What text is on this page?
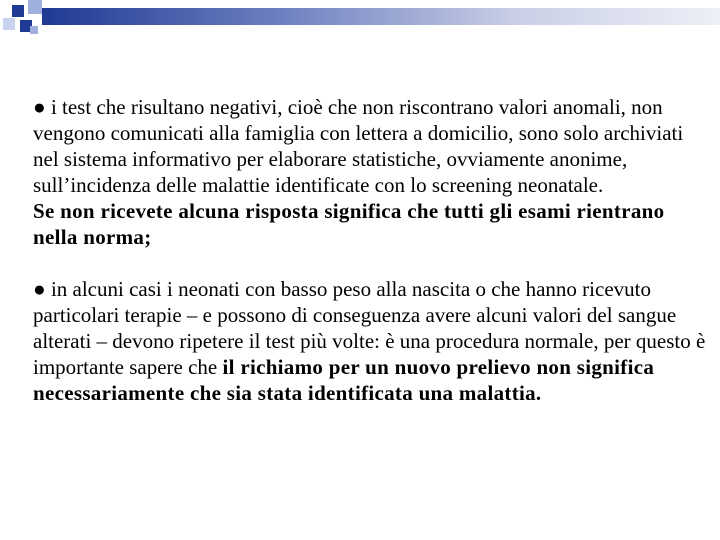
● i test che risultano negativi, cioè che non riscontrano valori anomali, non vengono comunicati alla famiglia con lettera a domicilio, sono solo archiviati nel sistema informativo per elaborare statistiche, ovviamente anonime, sull’incidenza delle malattie identificate con lo screening neonatale.
Se non ricevete alcuna risposta significa che tutti gli esami rientrano nella norma;

● in alcuni casi i neonati con basso peso alla nascita o che hanno ricevuto particolari terapie – e possono di conseguenza avere alcuni valori del sangue alterati – devono ripetere il test più volte: è una procedura normale, per questo è importante sapere che il richiamo per un nuovo prelievo non significa necessariamente che sia stata identificata una malattia.
